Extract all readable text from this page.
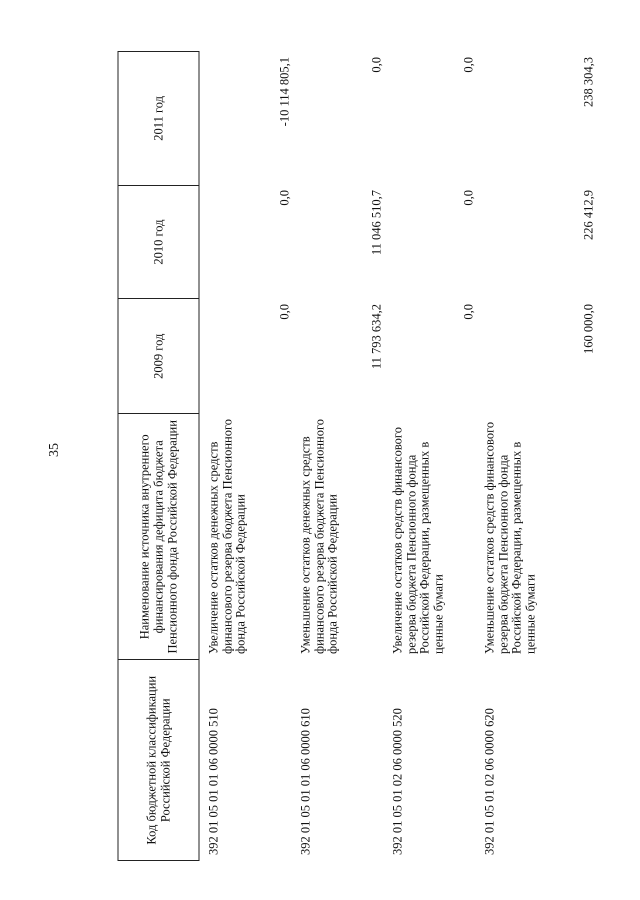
35
Код бюджетной классификации Российской Федерации
Наименование источника внутреннего финансирования дефицита бюджета Пенсионного фонда Российской Федерации
2009 год
2010 год
2011 год
392 01 05 01 01 06 0000 510
Увеличение остатков денежных средств финансового резерва бюджета Пенсионного фонда Российской Федерации
0,0
0,0
-10 114 805,1
392 01 05 01 01 06 0000 610
Уменьшение остатков денежных средств финансового резерва бюджета Пенсионного фонда Российской Федерации
11 793 634,2
11 046 510,7
0,0
392 01 05 01 02 06 0000 520
Увеличение остатков средств финансового резерва бюджета Пенсионного фонда Российской Федерации, размещенных в ценные бумаги
0,0
0,0
0,0
392 01 05 01 02 06 0000 620
Уменьшение остатков средств финансового резерва бюджета Пенсионного фонда Российской Федерации, размещенных в ценные бумаги
160 000,0
226 412,9
238 304,3
